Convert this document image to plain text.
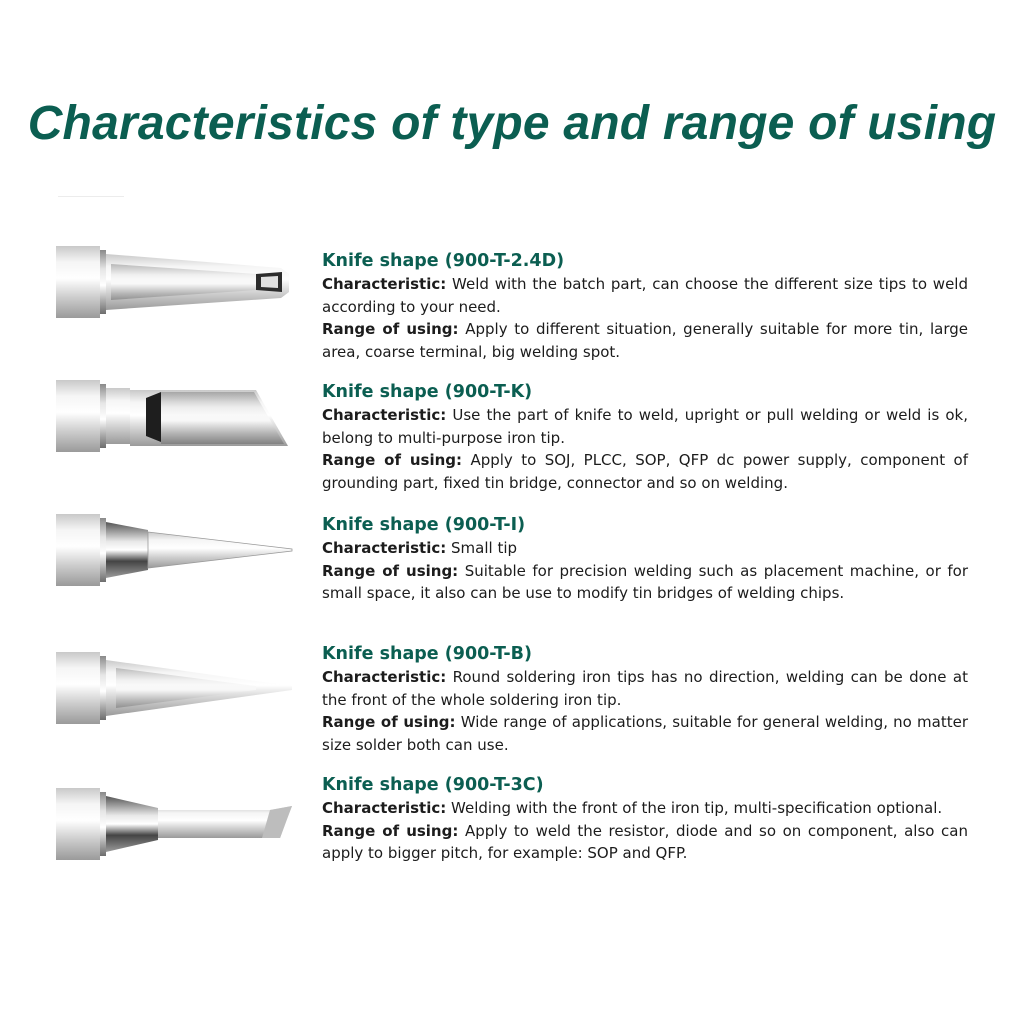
Characteristics of type and range of using
Knife shape (900-T-2.4D)

Characteristic: Weld with the batch part, can choose the different size tips to weld according to your need.

Range of using: Apply to different situation, generally suitable for more tin, large area, coarse terminal, big welding spot.

Knife shape (900-T-K)

Characteristic: Use the part of knife to weld, upright or pull welding or weld is ok, belong to multi-purpose iron tip.

Range of using: Apply to SOJ, PLCC, SOP, QFP dc power supply, component of grounding part, fixed tin bridge, connector and so on welding.

Knife shape (900-T-I)

Characteristic: Small tip

Range of using: Suitable for precision welding such as placement machine, or for small space, it also can be use to modify tin bridges of welding chips.

Knife shape (900-T-B)

Characteristic: Round soldering iron tips has no direction, welding can be done at the front of the whole soldering iron tip.

Range of using: Wide range of applications, suitable for general welding, no matter size solder both can use.

Knife shape (900-T-3C)

Characteristic: Welding with the front of the iron tip, multi-specification optional.

Range of using: Apply to weld the resistor, diode and so on component, also can apply to bigger pitch, for example: SOP and QFP.
